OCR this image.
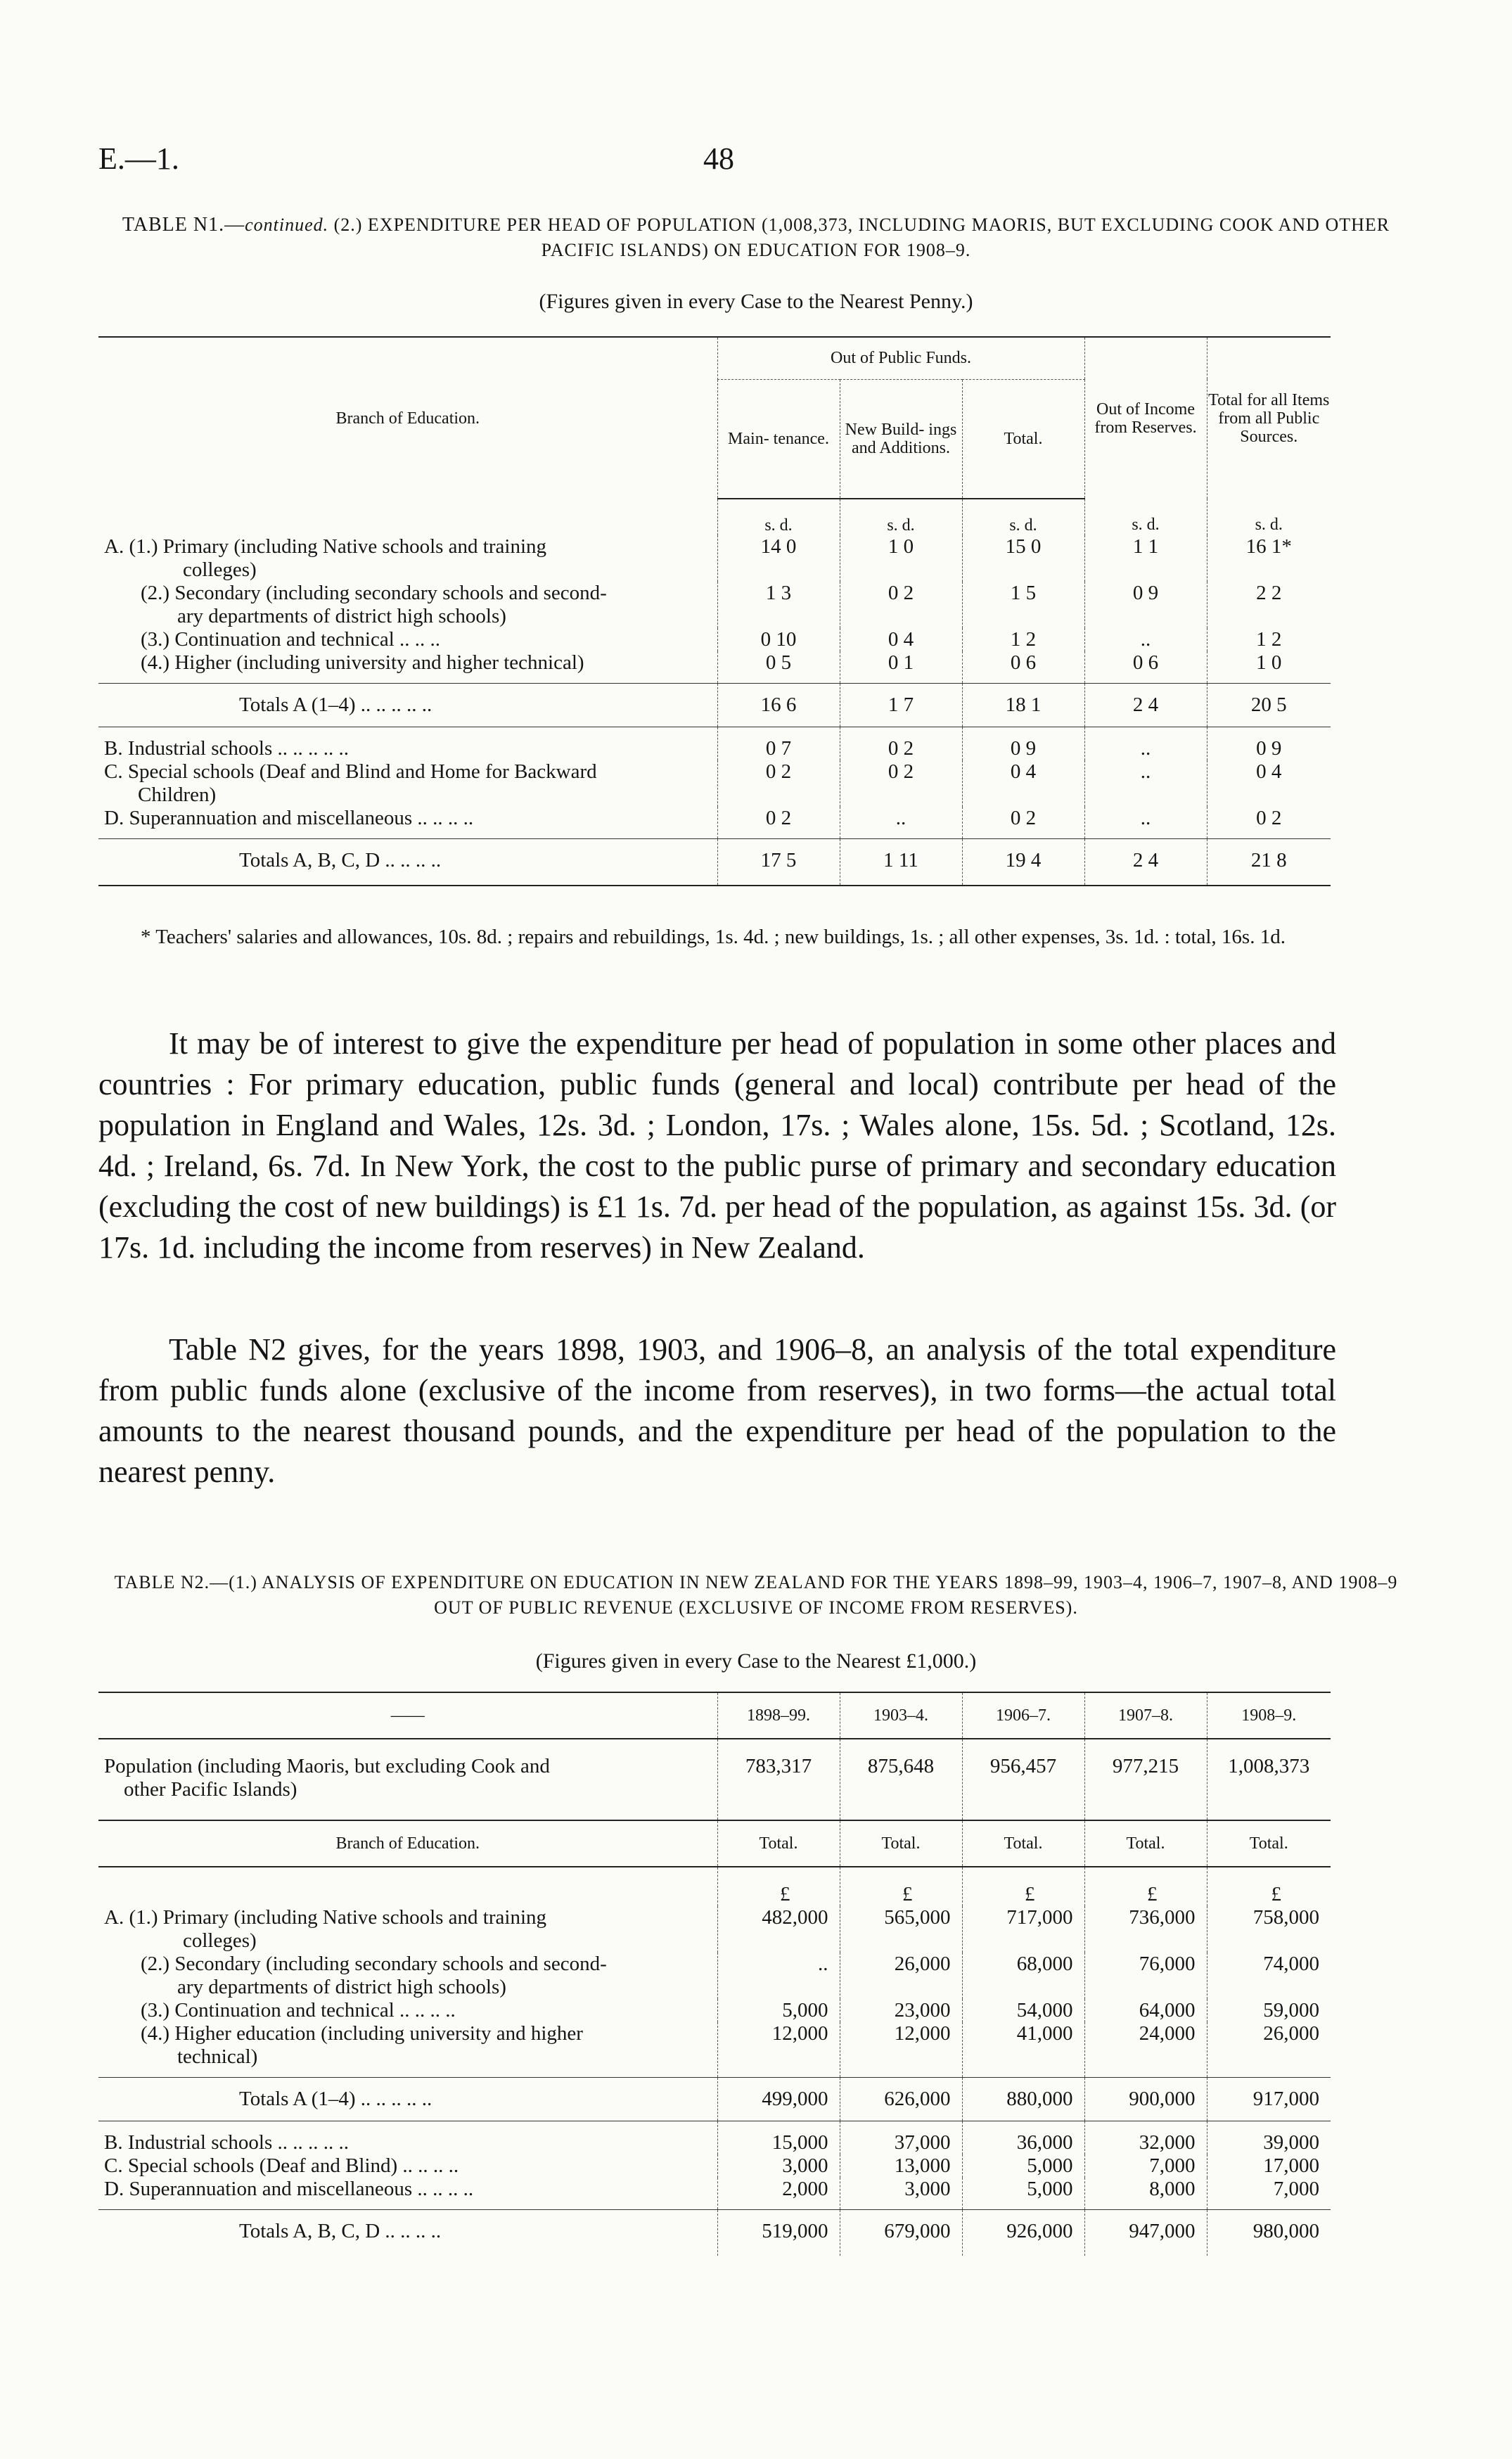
E.—1.	48
TABLE N1.—continued. (2.) EXPENDITURE PER HEAD OF POPULATION (1,008,373, INCLUDING MAORIS, BUT EXCLUDING COOK AND OTHER PACIFIC ISLANDS) ON EDUCATION FOR 1908–9.
(Figures given in every Case to the Nearest Penny.)
Branch of Education.	Out of Public Funds.			Out of Income from Reserves.	Total for all Items from all Public Sources.
	Main- tenance.	New Build- ings and Additions.	Total.		
	s. d.	s. d.	s. d.	s. d.	s. d.

A. (1.) Primary (including Native schools and training
colleges)	14 0	1 0	15 0	1 1	16 1*

(2.) Secondary (including secondary schools and second-
ary departments of district high schools)	1 3	0 2	1 5	0 9	2 2
(3.) Continuation and technical .. .. ..	0 10	0 4	1 2	..	1 2
(4.) Higher (including university and higher technical)	0 5	0 1	0 6	0 6	1 0
Totals A (1–4) .. .. .. .. ..	16 6	1 7	18 1	2 4	20 5
B. Industrial schools .. .. .. .. ..	0 7	0 2	0 9	..	0 9

C. Special schools (Deaf and Blind and Home for Backward
Children)	0 2	0 2	0 4	..	0 4
D. Superannuation and miscellaneous .. .. .. ..	0 2	..	0 2	..	0 2
Totals A, B, C, D .. .. .. ..	17 5	1 11	19 4	2 4	21 8
* Teachers' salaries and allowances, 10s. 8d. ; repairs and rebuildings, 1s. 4d. ; new buildings, 1s. ; all other expenses, 3s. 1d. : total, 16s. 1d.

It may be of interest to give the expenditure per head of population in some other places and countries : For primary education, public funds (general and local) contribute per head of the population in England and Wales, 12s. 3d. ; London, 17s. ; Wales alone, 15s. 5d. ; Scotland, 12s. 4d. ; Ireland, 6s. 7d. In New York, the cost to the public purse of primary and secondary education (excluding the cost of new buildings) is £1 1s. 7d. per head of the population, as against 15s. 3d. (or 17s. 1d. including the income from reserves) in New Zealand.

Table N2 gives, for the years 1898, 1903, and 1906–8, an analysis of the total expenditure from public funds alone (exclusive of the income from reserves), in two forms—the actual total amounts to the nearest thousand pounds, and the expenditure per head of the population to the nearest penny.

TABLE N2.—(1.) ANALYSIS OF EXPENDITURE ON EDUCATION IN NEW ZEALAND FOR THE YEARS 1898–99, 1903–4, 1906–7, 1907–8, AND 1908–9 OUT OF PUBLIC REVENUE (EXCLUSIVE OF INCOME FROM RESERVES).
(Figures given in every Case to the Nearest £1,000.)
——	1898–99.	1903–4.	1906–7.	1907–8.	1908–9.

Population (including Maoris, but excluding Cook and
other Pacific Islands)	783,317	875,648	956,457	977,215	1,008,373
Branch of Education.	Total.	Total.	Total.	Total.	Total.
	£	£	£	£	£

A. (1.) Primary (including Native schools and training
colleges)	482,000	565,000	717,000	736,000	758,000

(2.) Secondary (including secondary schools and second-
ary departments of district high schools)	..	26,000	68,000	76,000	74,000
(3.) Continuation and technical .. .. .. ..	5,000	23,000	54,000	64,000	59,000

(4.) Higher education (including university and higher
technical)	12,000	12,000	41,000	24,000	26,000
Totals A (1–4) .. .. .. .. ..	499,000	626,000	880,000	900,000	917,000
B. Industrial schools .. .. .. .. ..	15,000	37,000	36,000	32,000	39,000
C. Special schools (Deaf and Blind) .. .. .. ..	3,000	13,000	5,000	7,000	17,000
D. Superannuation and miscellaneous .. .. .. ..	2,000	3,000	5,000	8,000	7,000
Totals A, B, C, D .. .. .. ..	519,000	679,000	926,000	947,000	980,000
